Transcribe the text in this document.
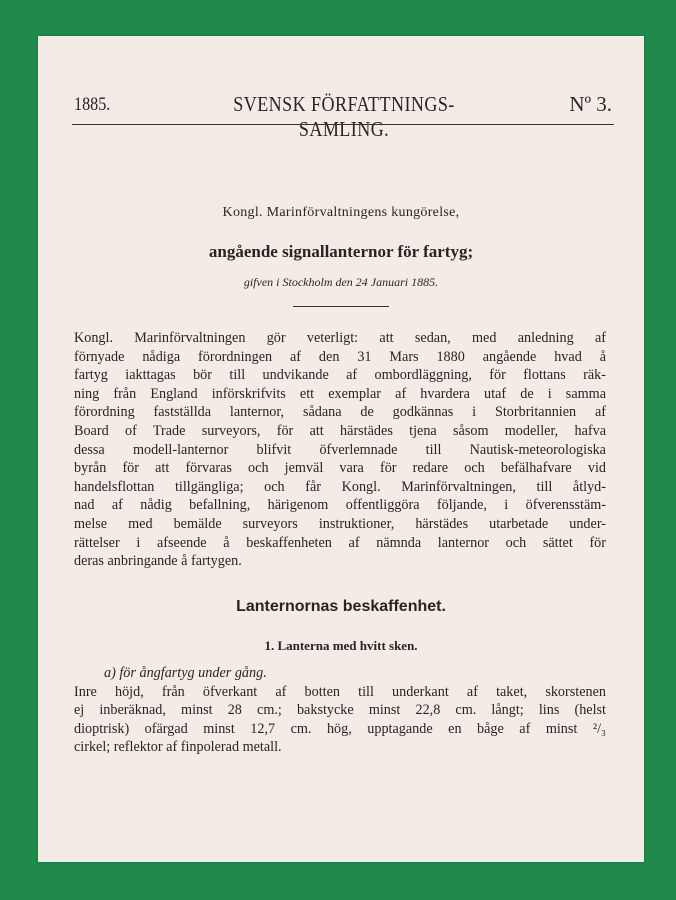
1885.	SVENSK FÖRFATTNINGS-SAMLING.
Nº 3.
Kongl. Marinförvaltningens kungörelse,
angående signallanternor för fartyg;
gifven i Stockholm den 24 Januari 1885.
Kongl. Marinförvaltningen gör veterligt: att sedan, med anledning af
förnyade nådiga förordningen af den 31 Mars 1880 angående hvad å
fartyg iakttagas bör till undvikande af ombordläggning, för flottans räk-
ning från England införskrifvits ett exemplar af hvardera utaf de i samma
förordning fastställda lanternor, sådana de godkännas i Storbritannien af
Board of Trade surveyors, för att härstädes tjena såsom modeller, hafva
dessa modell-lanternor blifvit öfverlemnade till Nautisk-meteorologiska
byrån för att förvaras och jemväl vara för redare och befälhafvare vid
handelsflottan tillgängliga; och får Kongl. Marinförvaltningen, till åtlyd-
nad af nådig befallning, härigenom offentliggöra följande, i öfverensstäm-
melse med bemälde surveyors instruktioner, härstädes utarbetade under-
rättelser i afseende å beskaffenheten af nämnda lanternor och sättet för
deras anbringande å fartygen.
Lanternornas beskaffenhet.
1. Lanterna med hvitt sken.
a) för ångfartyg under gång.
Inre höjd, från öfverkant af botten till underkant af taket, skorstenen
ej inberäknad, minst 28 cm.; bakstycke minst 22,8 cm. långt; lins (helst
dioptrisk) ofärgad minst 12,7 cm. hög, upptagande en båge af minst ²/₃
cirkel; reflektor af finpolerad metall.
